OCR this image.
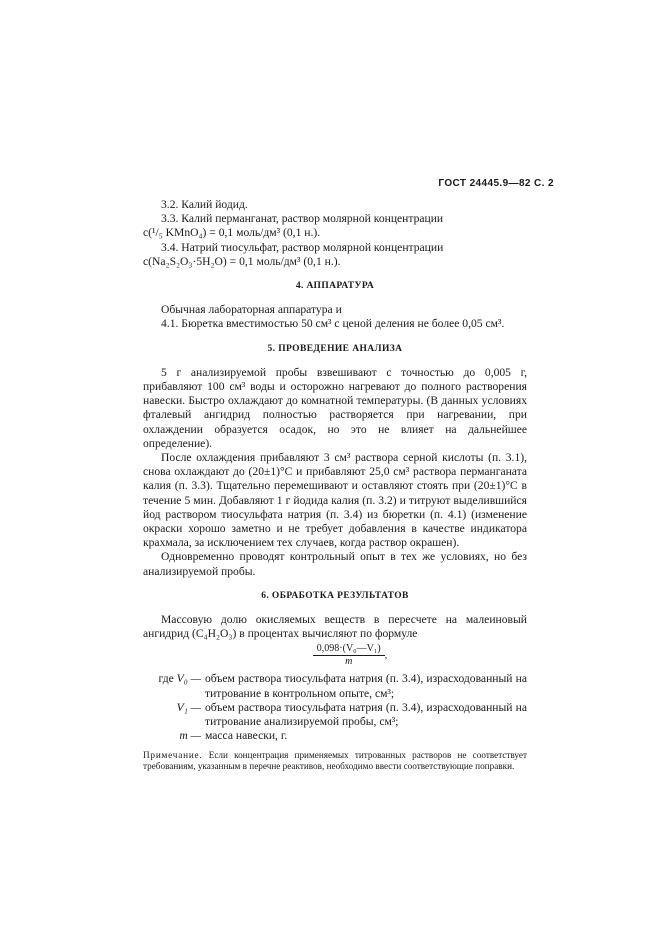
ГОСТ 24445.9—82 С. 2

3.2. Калий йодид.

3.3. Калий перманганат, раствор молярной концентрации

c(¹/₅ KMnO₄) = 0,1 моль/дм³ (0,1 н.).

3.4. Натрий тиосульфат, раствор молярной концентрации

c(Na₂S₂O₃·5H₂O) = 0,1 моль/дм³ (0,1 н.).

4. АППАРАТУРА

Обычная лабораторная аппаратура и

4.1. Бюретка вместимостью 50 см³ с ценой деления не более 0,05 см³.

5. ПРОВЕДЕНИЕ АНАЛИЗА

5 г анализируемой пробы взвешивают с точностью до 0,005 г, прибавляют 100 см³ воды и осторожно нагревают до полного растворения навески. Быстро охлаждают до комнатной температуры. (В данных условиях фталевый ангидрид полностью растворяется при нагревании, при охлаждении образуется осадок, но это не влияет на дальнейшее определение).

После охлаждения прибавляют 3 см³ раствора серной кислоты (п. 3.1), снова охлаждают до (20±1)°С и прибавляют 25,0 см³ раствора перманганата калия (п. 3.3). Тщательно перемешивают и оставляют стоять при (20±1)°С в течение 5 мин. Добавляют 1 г йодида калия (п. 3.2) и титруют выделившийся йод раствором тиосульфата натрия (п. 3.4) из бюретки (п. 4.1) (изменение окраски хорошо заметно и не требует добавления в качестве индикатора крахмала, за исключением тех случаев, когда раствор окрашен).

Одновременно проводят контрольный опыт в тех же условиях, но без анализируемой пробы.

6. ОБРАБОТКА РЕЗУЛЬТАТОВ

Массовую долю окисляемых веществ в пересчете на малеиновый ангидрид (C₄H₂O₃) в процентах вычисляют по формуле

$\frac{\text{0,098·(V₀—V₁)}}{m}$ ,
где V₀ — объем раствора тиосульфата натрия (п. 3.4), израсходованный на титрование в контрольном опыте, см³;
V₁ — объем раствора тиосульфата натрия (п. 3.4), израсходованный на титрование анализируемой пробы, см³;
m — масса навески, г.

Примечание. Если концентрация применяемых титрованных растворов не соответствует требованиям, указанным в перечне реактивов, необходимо ввести соответствующие поправки.
